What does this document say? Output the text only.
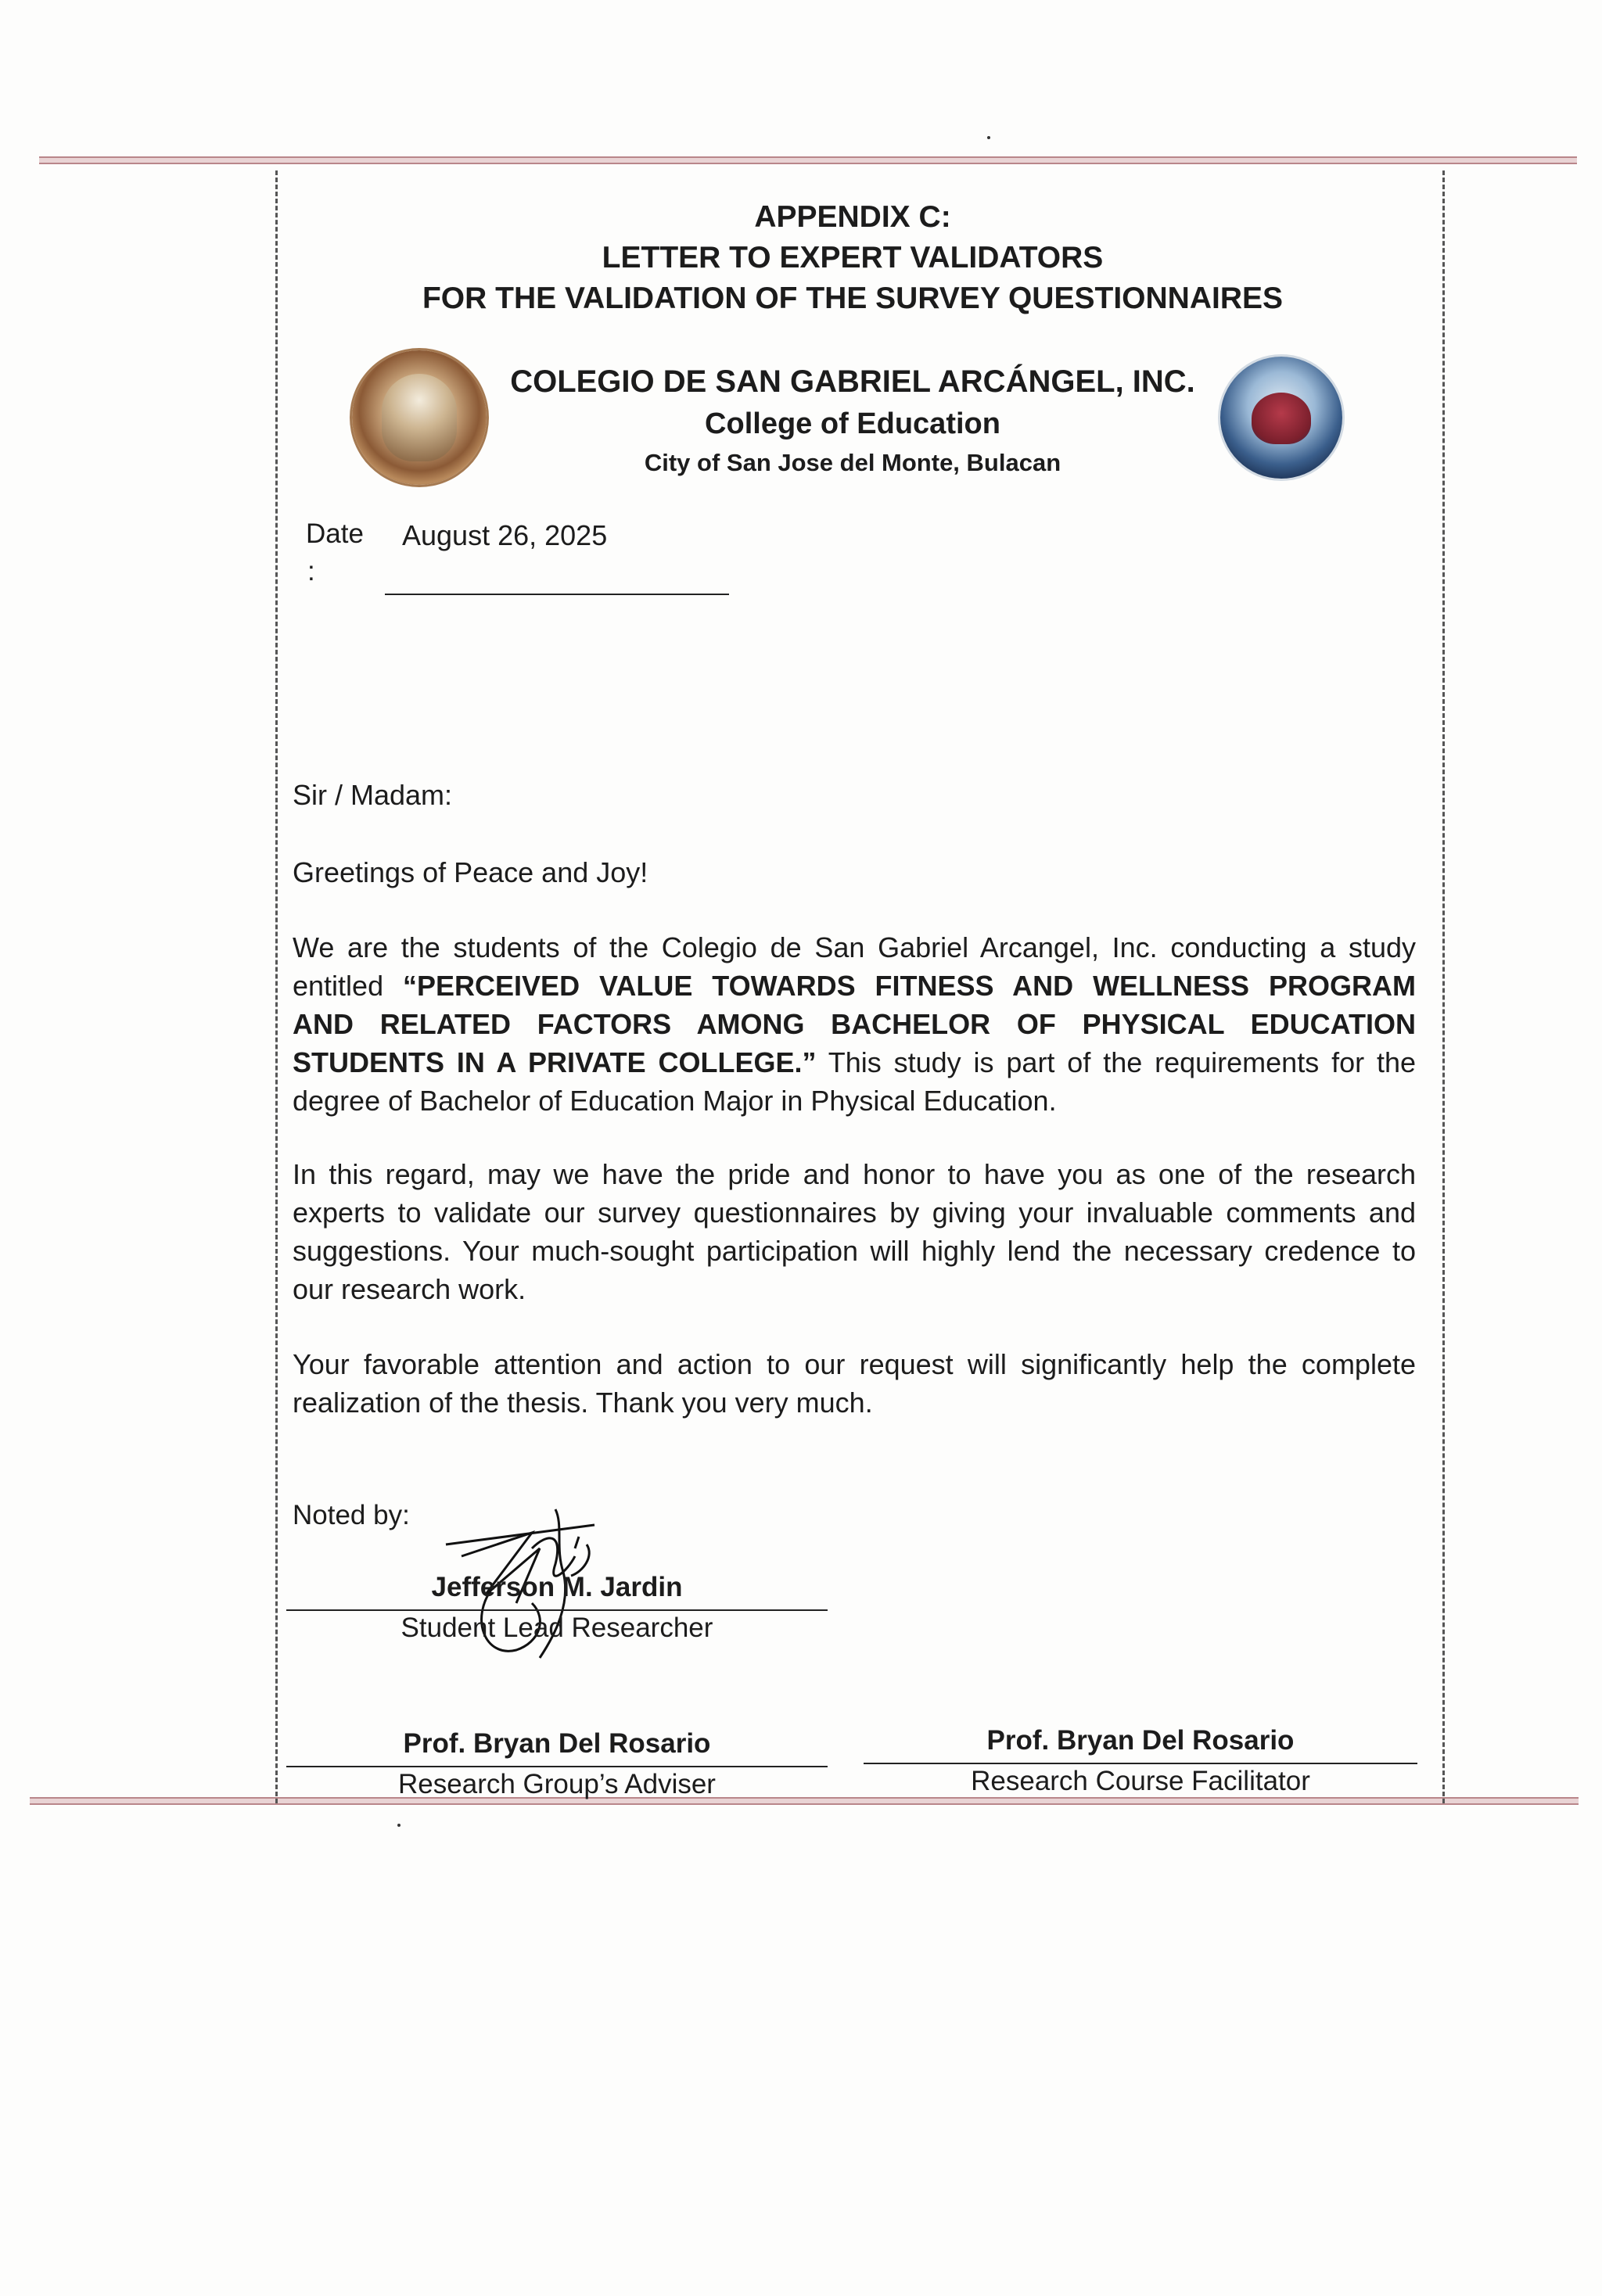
APPENDIX C:
LETTER TO EXPERT VALIDATORS
FOR THE VALIDATION OF THE SURVEY QUESTIONNAIRES
COLEGIO DE SAN GABRIEL ARCÁNGEL, INC.
College of Education
City of San Jose del Monte, Bulacan
Date
:
August 26, 2025
Sir / Madam:
Greetings of Peace and Joy!
We are the students of the Colegio de San Gabriel Arcangel, Inc. conducting a study
entitled “PERCEIVED VALUE TOWARDS FITNESS AND WELLNESS PROGRAM
AND RELATED FACTORS AMONG BACHELOR OF PHYSICAL EDUCATION
STUDENTS IN A PRIVATE COLLEGE.” This study is part of the requirements for the
degree of Bachelor of Education Major in Physical Education.
In this regard, may we have the pride and honor to have you as one of the research
experts to validate our survey questionnaires by giving your invaluable comments and
suggestions. Your much-sought participation will highly lend the necessary credence to
our research work.
Your favorable attention and action to our request will significantly help the complete
realization of the thesis. Thank you very much.
Noted by:
Jefferson M. Jardin
Student Lead Researcher
Prof. Bryan Del Rosario
Research Group’s Adviser
Prof. Bryan Del Rosario
Research Course Facilitator
